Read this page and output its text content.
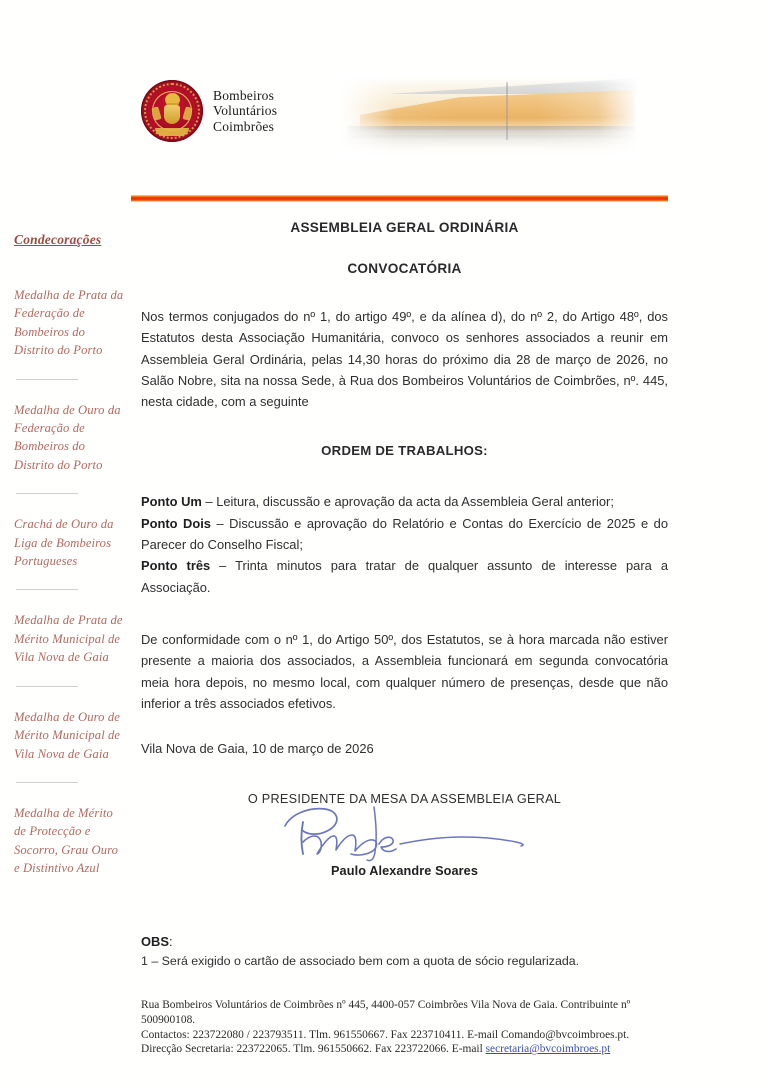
Bombeiros
Voluntários
Coimbrões
Condecorações
Medalha de Prata da Federação de Bombeiros do Distrito do Porto
Medalha de Ouro da Federação de Bombeiros do Distrito do Porto
Crachá de Ouro da Liga de Bombeiros Portugueses
Medalha de Prata de Mérito Municipal de Vila Nova de Gaia
Medalha de Ouro de Mérito Municipal de Vila Nova de Gaia
Medalha de Mérito de Protecção e Socorro, Grau Ouro e Distintivo Azul
ASSEMBLEIA GERAL ORDINÁRIA
CONVOCATÓRIA

Nos termos conjugados do nº 1, do artigo 49º, e da alínea d), do nº 2, do Artigo 48º, dos Estatutos desta Associação Humanitária, convoco os senhores associados a reunir em Assembleia Geral Ordinária, pelas 14,30 horas do próximo dia 28 de março de 2026, no Salão Nobre, sita na nossa Sede, à Rua dos Bombeiros Voluntários de Coimbrões, nº. 445, nesta cidade, com a seguinte

ORDEM DE TRABALHOS:
Ponto Um – Leitura, discussão e aprovação da acta da Assembleia Geral anterior;
Ponto Dois – Discussão e aprovação do Relatório e Contas do Exercício de 2025 e do Parecer do Conselho Fiscal;
Ponto três – Trinta minutos para tratar de qualquer assunto de interesse para a Associação.

De conformidade com o nº 1, do Artigo 50º, dos Estatutos, se à hora marcada não estiver presente a maioria dos associados, a Assembleia funcionará em segunda convocatória meia hora depois, no mesmo local, com qualquer número de presenças, desde que não inferior a três associados efetivos.

Vila Nova de Gaia, 10 de março de 2026
O PRESIDENTE DA MESA DA ASSEMBLEIA GERAL
Paulo Alexandre Soares
OBS:
1 – Será exigido o cartão de associado bem com a quota de sócio regularizada.
Rua Bombeiros Voluntários de Coimbrões nº 445, 4400-057 Coimbrões Vila Nova de Gaia. Contribuinte nº 500900108.
Contactos: 223722080 / 223793511. Tlm. 961550667. Fax 223710411. E-mail Comando@bvcoimbroes.pt.
Direcção Secretaria: 223722065. Tlm. 961550662. Fax 223722066. E-mail secretaria@bvcoimbroes.pt
